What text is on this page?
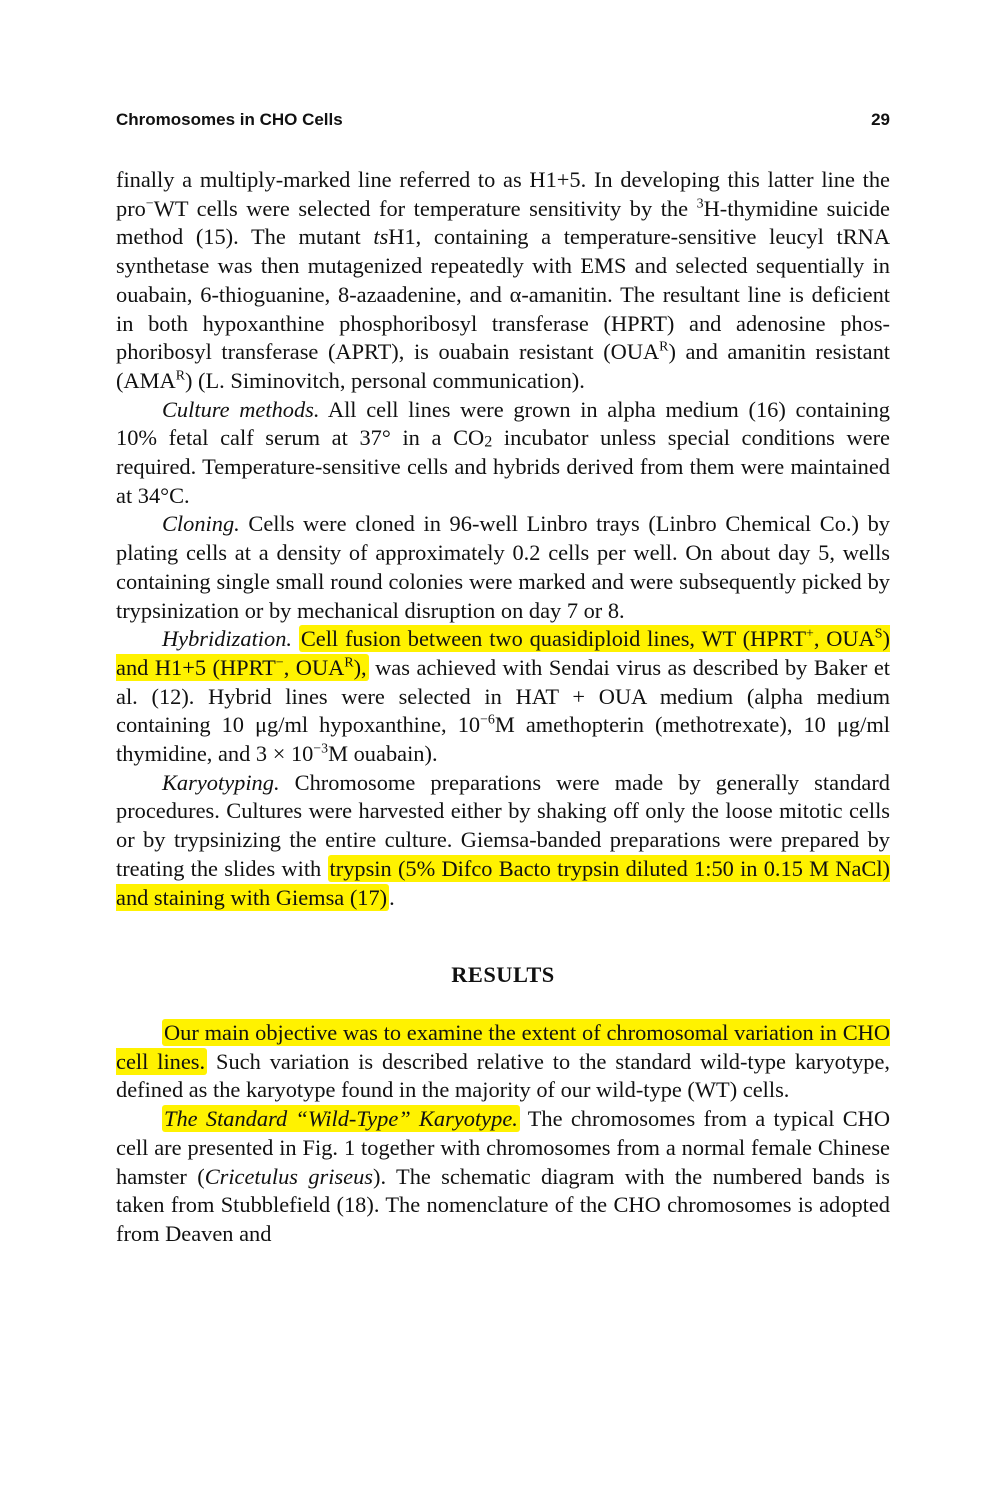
Chromosomes in CHO Cells	29

finally a multiply-marked line referred to as H1+5. In developing this latter line the pro−WT cells were selected for temperature sensitivity by the $^3$H-thymidine suicide method (15). The mutant tsH1, containing a temperature-sensitive leucyl tRNA synthetase was then mutagenized repeatedly with EMS and selected sequentially in ouabain, 6-thioguanine, 8-azaadenine, and α-amanitin. The resultant line is deficient in both hypoxanthine phosphoribosyl transferase (HPRT) and adenosine phosphoribosyl transferase (APRT), is ouabain resistant $(OUA^R)$ and amanitin resistant $(AMA^R)$ (L. Siminovitch, personal communication).

Culture methods. All cell lines were grown in alpha medium (16) containing 10% fetal calf serum at 37° in a $CO_2$ incubator unless special conditions were required. Temperature-sensitive cells and hybrids derived from them were maintained at 34°C.

Cloning. Cells were cloned in 96-well Linbro trays (Linbro Chemical Co.) by plating cells at a density of approximately 0.2 cells per well. On about day 5, wells containing single small round colonies were marked and were subsequently picked by trypsinization or by mechanical disruption on day 7 or 8.

Hybridization. Cell fusion between two quasidiploid lines, WT (HPRT+, $OUA^S$) and H1+5 (HPRT−, $OUA^R$), was achieved with Sendai virus as described by Baker et al. (12). Hybrid lines were selected in HAT + OUA medium (alpha medium containing 10 μg/ml hypoxanthine, $10^{-6}M$ amethopterin (methotrexate), 10 μg/ml thymidine, and $3 \times 10^{-3}M$ ouabain).

Karyotyping. Chromosome preparations were made by generally standard procedures. Cultures were harvested either by shaking off only the loose mitotic cells or by trypsinizing the entire culture. Giemsa-banded preparations were prepared by treating the slides with trypsin (5% Difco Bacto trypsin diluted 1:50 in 0.15 M NaCl) and staining with Giemsa (17).

RESULTS

Our main objective was to examine the extent of chromosomal variation in CHO cell lines. Such variation is described relative to the standard wild-type karyotype, defined as the karyotype found in the majority of our wild-type (WT) cells.

The Standard “Wild-Type” Karyotype. The chromosomes from a typical CHO cell are presented in Fig. 1 together with chromosomes from a normal female Chinese hamster (Cricetulus griseus). The schematic diagram with the numbered bands is taken from Stubblefield (18). The nomenclature of the CHO chromosomes is adopted from Deaven and
